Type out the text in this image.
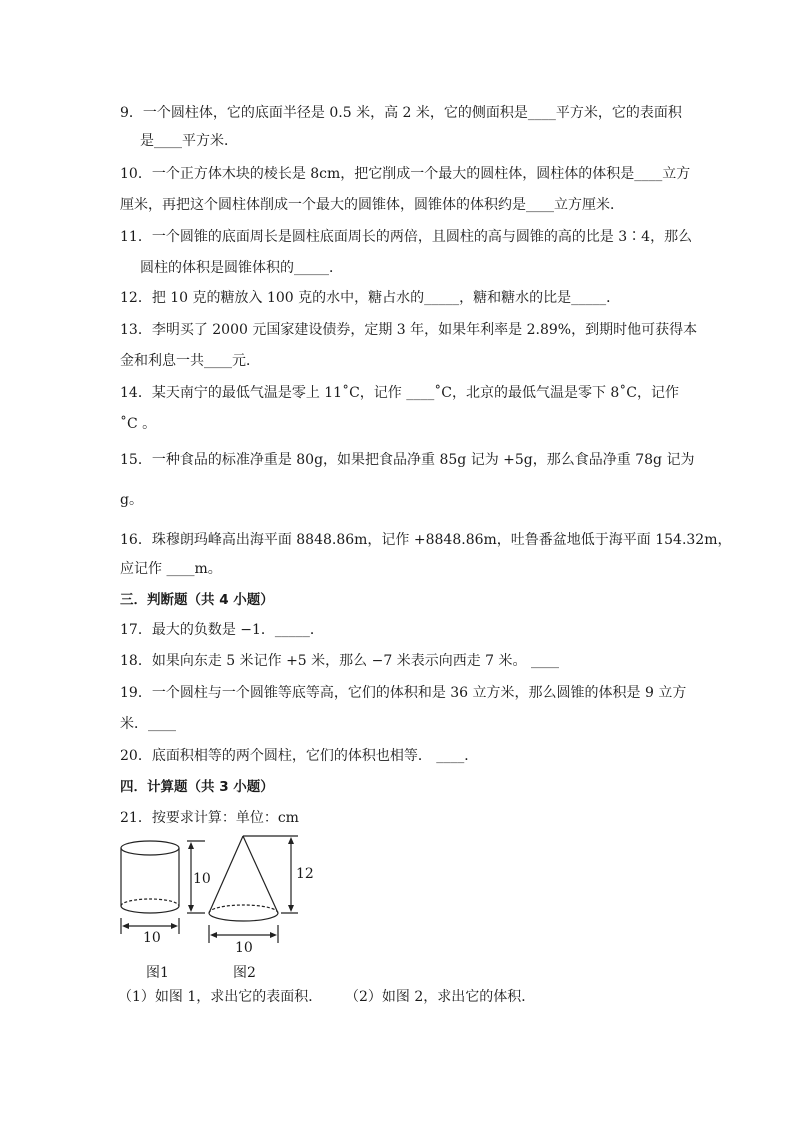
9．一个圆柱体，它的底面半径是 0.5 米，高 2 米，它的侧面积是____平方米，它的表面积
是____平方米．
10．一个正方体木块的棱长是 8cm，把它削成一个最大的圆柱体，圆柱体的体积是____立方
厘米，再把这个圆柱体削成一个最大的圆锥体，圆锥体的体积约是____立方厘米．
11．一个圆锥的底面周长是圆柱底面周长的两倍，且圆柱的高与圆锥的高的比是 3∶4，那么
圆柱的体积是圆锥体积的_____．
12．把 10 克的糖放入 100 克的水中，糖占水的_____，糖和糖水的比是_____．
13．李明买了 2000 元国家建设债券，定期 3 年，如果年利率是 2.89%，到期时他可获得本
金和利息一共____元．
14．某天南宁的最低气温是零上 11˚C，记作 ____˚C，北京的最低气温是零下 8˚C，记作
˚C 。
15．一种食品的标准净重是 80g，如果把食品净重 85g 记为 +5g，那么食品净重 78g 记为
g。
16．珠穆朗玛峰高出海平面 8848.86m，记作 +8848.86m，吐鲁番盆地低于海平面 154.32m，
应记作 ____m。
三．判断题（共 4 小题）
17．最大的负数是 −1．_____．
18．如果向东走 5 米记作 +5 米，那么 −7 米表示向西走 7 米。 ____
19．一个圆柱与一个圆锥等底等高，它们的体积和是 36 立方米，那么圆锥的体积是 9 立方
米．____
20．底面积相等的两个圆柱，它们的体积也相等． ____．
四．计算题（共 3 小题）
21．按要求计算：单位：cm
10
10
图1
12
10
图2
（1）如图 1，求出它的表面积． （2）如图 2，求出它的体积．
